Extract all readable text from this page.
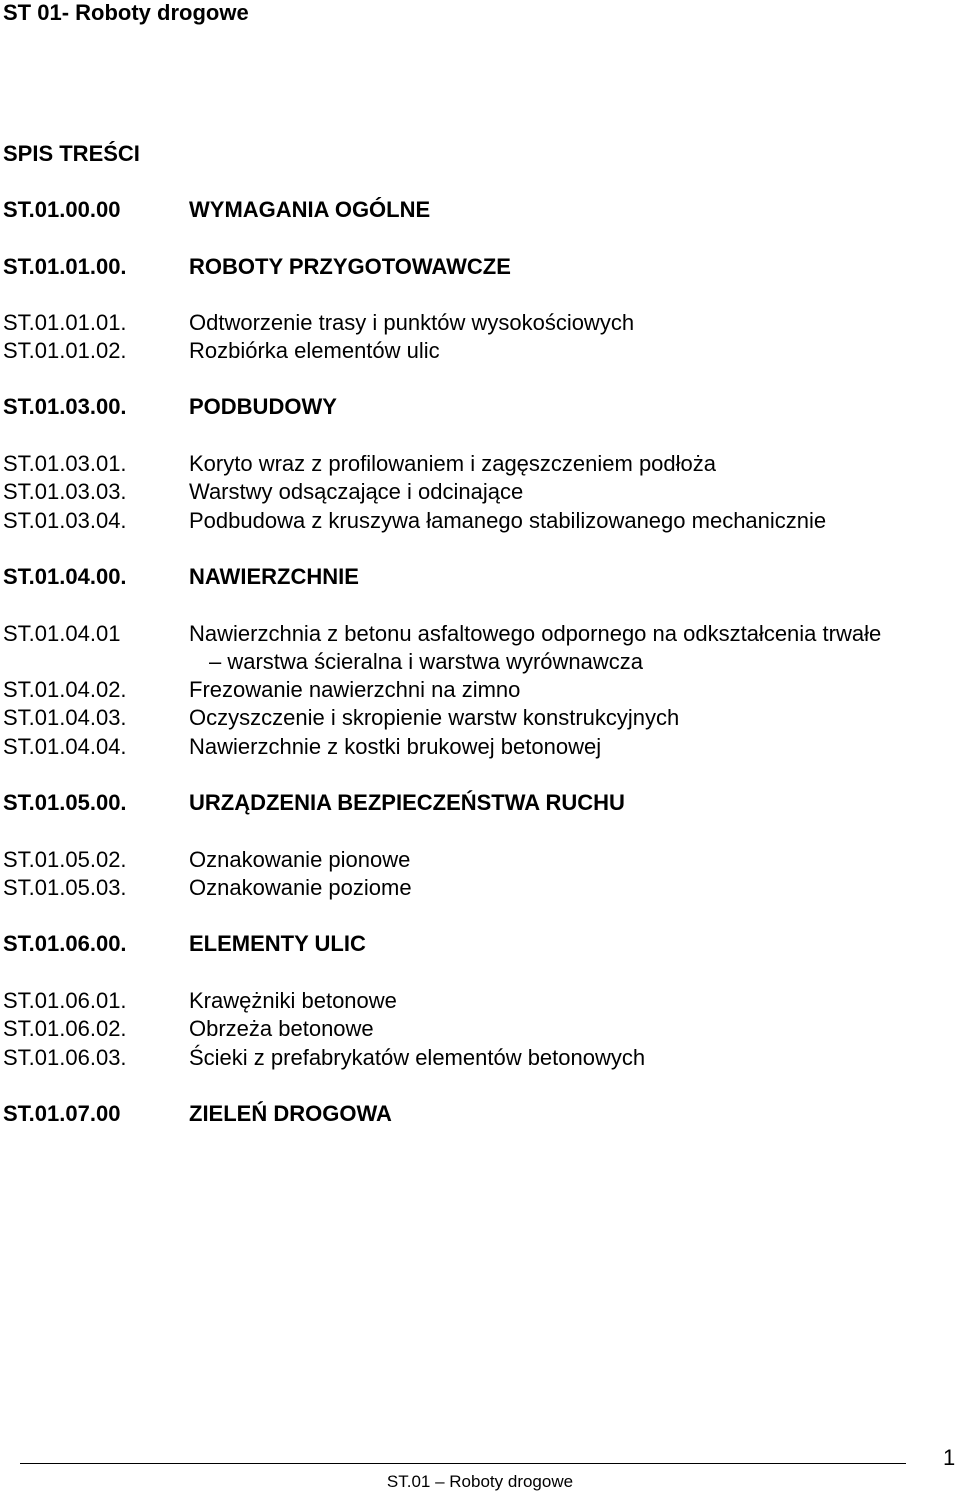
ST 01- Roboty drogowe
SPIS TREŚCI
ST.01.00.00	WYMAGANIA OGÓLNE
ST.01.01.00.	ROBOTY PRZYGOTOWAWCZE
ST.01.01.01.	Odtworzenie trasy i punktów wysokościowych
ST.01.01.02.	Rozbiórka elementów ulic
ST.01.03.00.	PODBUDOWY
ST.01.03.01.	Koryto wraz z profilowaniem i zagęszczeniem podłoża
ST.01.03.03.	Warstwy odsączające i odcinające
ST.01.03.04.	Podbudowa z kruszywa łamanego stabilizowanego mechanicznie
ST.01.04.00.	NAWIERZCHNIE
ST.01.04.01	Nawierzchnia z betonu asfaltowego odpornego na odkształcenia trwałe
– warstwa ścieralna i warstwa wyrównawcza
ST.01.04.02.	Frezowanie nawierzchni na zimno
ST.01.04.03.	Oczyszczenie i skropienie warstw konstrukcyjnych
ST.01.04.04.	Nawierzchnie z kostki brukowej betonowej
ST.01.05.00.	URZĄDZENIA BEZPIECZEŃSTWA RUCHU
ST.01.05.02.	Oznakowanie pionowe
ST.01.05.03.	Oznakowanie poziome
ST.01.06.00.	ELEMENTY ULIC
ST.01.06.01.	Krawężniki betonowe
ST.01.06.02.	Obrzeża betonowe
ST.01.06.03.	Ścieki z prefabrykatów elementów betonowych
ST.01.07.00	ZIELEŃ DROGOWA
1
ST.01 – Roboty drogowe
